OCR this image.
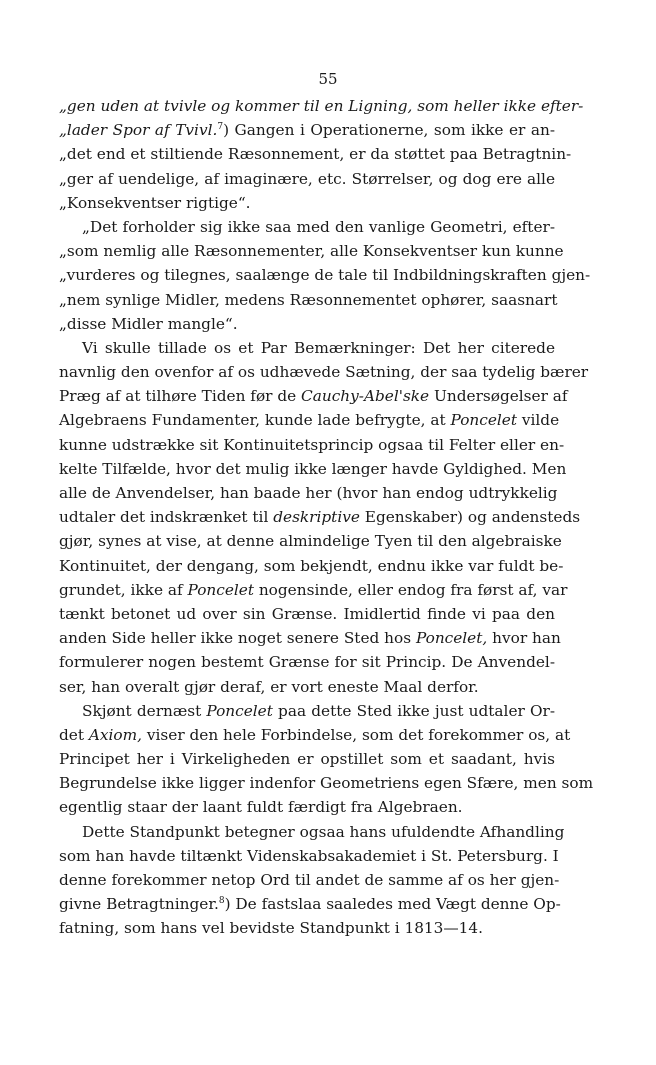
55
„gen uden at tvivle og kommer til en Ligning, som heller ikke efter-
„lader Spor af Tvivl.$^7$) Gangen i Operationerne, som ikke er an-
„det end et stiltiende Ræsonnement, er da støttet paa Betragtnin-
„ger af uendelige, af imaginære, etc. Størrelser, og dog ere alle
„Konsekventser rigtige“.
„Det forholder sig ikke saa med den vanlige Geometri, efter-
„som nemlig alle Ræsonnementer, alle Konsekventser kun kunne
„vurderes og tilegnes, saalænge de tale til Indbildningskraften gjen-
„nem synlige Midler, medens Ræsonnementet ophører, saasnart
„disse Midler mangle“.
Vi skulle tillade os et Par Bemærkninger: Det her citerede
navnlig den ovenfor af os udhævede Sætning, der saa tydelig bærer
Præg af at tilhøre Tiden før de Cauchy-Abel'ske Undersøgelser af
Algebraens Fundamenter, kunde lade befrygte, at Poncelet vilde
kunne udstrække sit Kontinuitetsprincip ogsaa til Felter eller en-
kelte Tilfælde, hvor det mulig ikke længer havde Gyldighed. Men
alle de Anvendelser, han baade her (hvor han endog udtrykkelig
udtaler det indskrænket til deskriptive Egenskaber) og andensteds
gjør, synes at vise, at denne almindelige Tyen til den algebraiske
Kontinuitet, der dengang, som bekjendt, endnu ikke var fuldt be-
grundet, ikke af Poncelet nogensinde, eller endog fra først af, var
tænkt betonet ud over sin Grænse. Imidlertid finde vi paa den
anden Side heller ikke noget senere Sted hos Poncelet, hvor han
formulerer nogen bestemt Grænse for sit Princip. De Anvendel-
ser, han overalt gjør deraf, er vort eneste Maal derfor.
Skjønt dernæst Poncelet paa dette Sted ikke just udtaler Or-
det Axiom, viser den hele Forbindelse, som det forekommer os, at
Principet her i Virkeligheden er opstillet som et saadant, hvis
Begrundelse ikke ligger indenfor Geometriens egen Sfære, men som
egentlig staar der laant fuldt færdigt fra Algebraen.
Dette Standpunkt betegner ogsaa hans ufuldendte Afhandling
som han havde tiltænkt Videnskabsakademiet i St. Petersburg. I
denne forekommer netop Ord til andet de samme af os her gjen-
givne Betragtninger.$^8$) De fastslaa saaledes med Vægt denne Op-
fatning, som hans vel bevidste Standpunkt i 1813—14.
